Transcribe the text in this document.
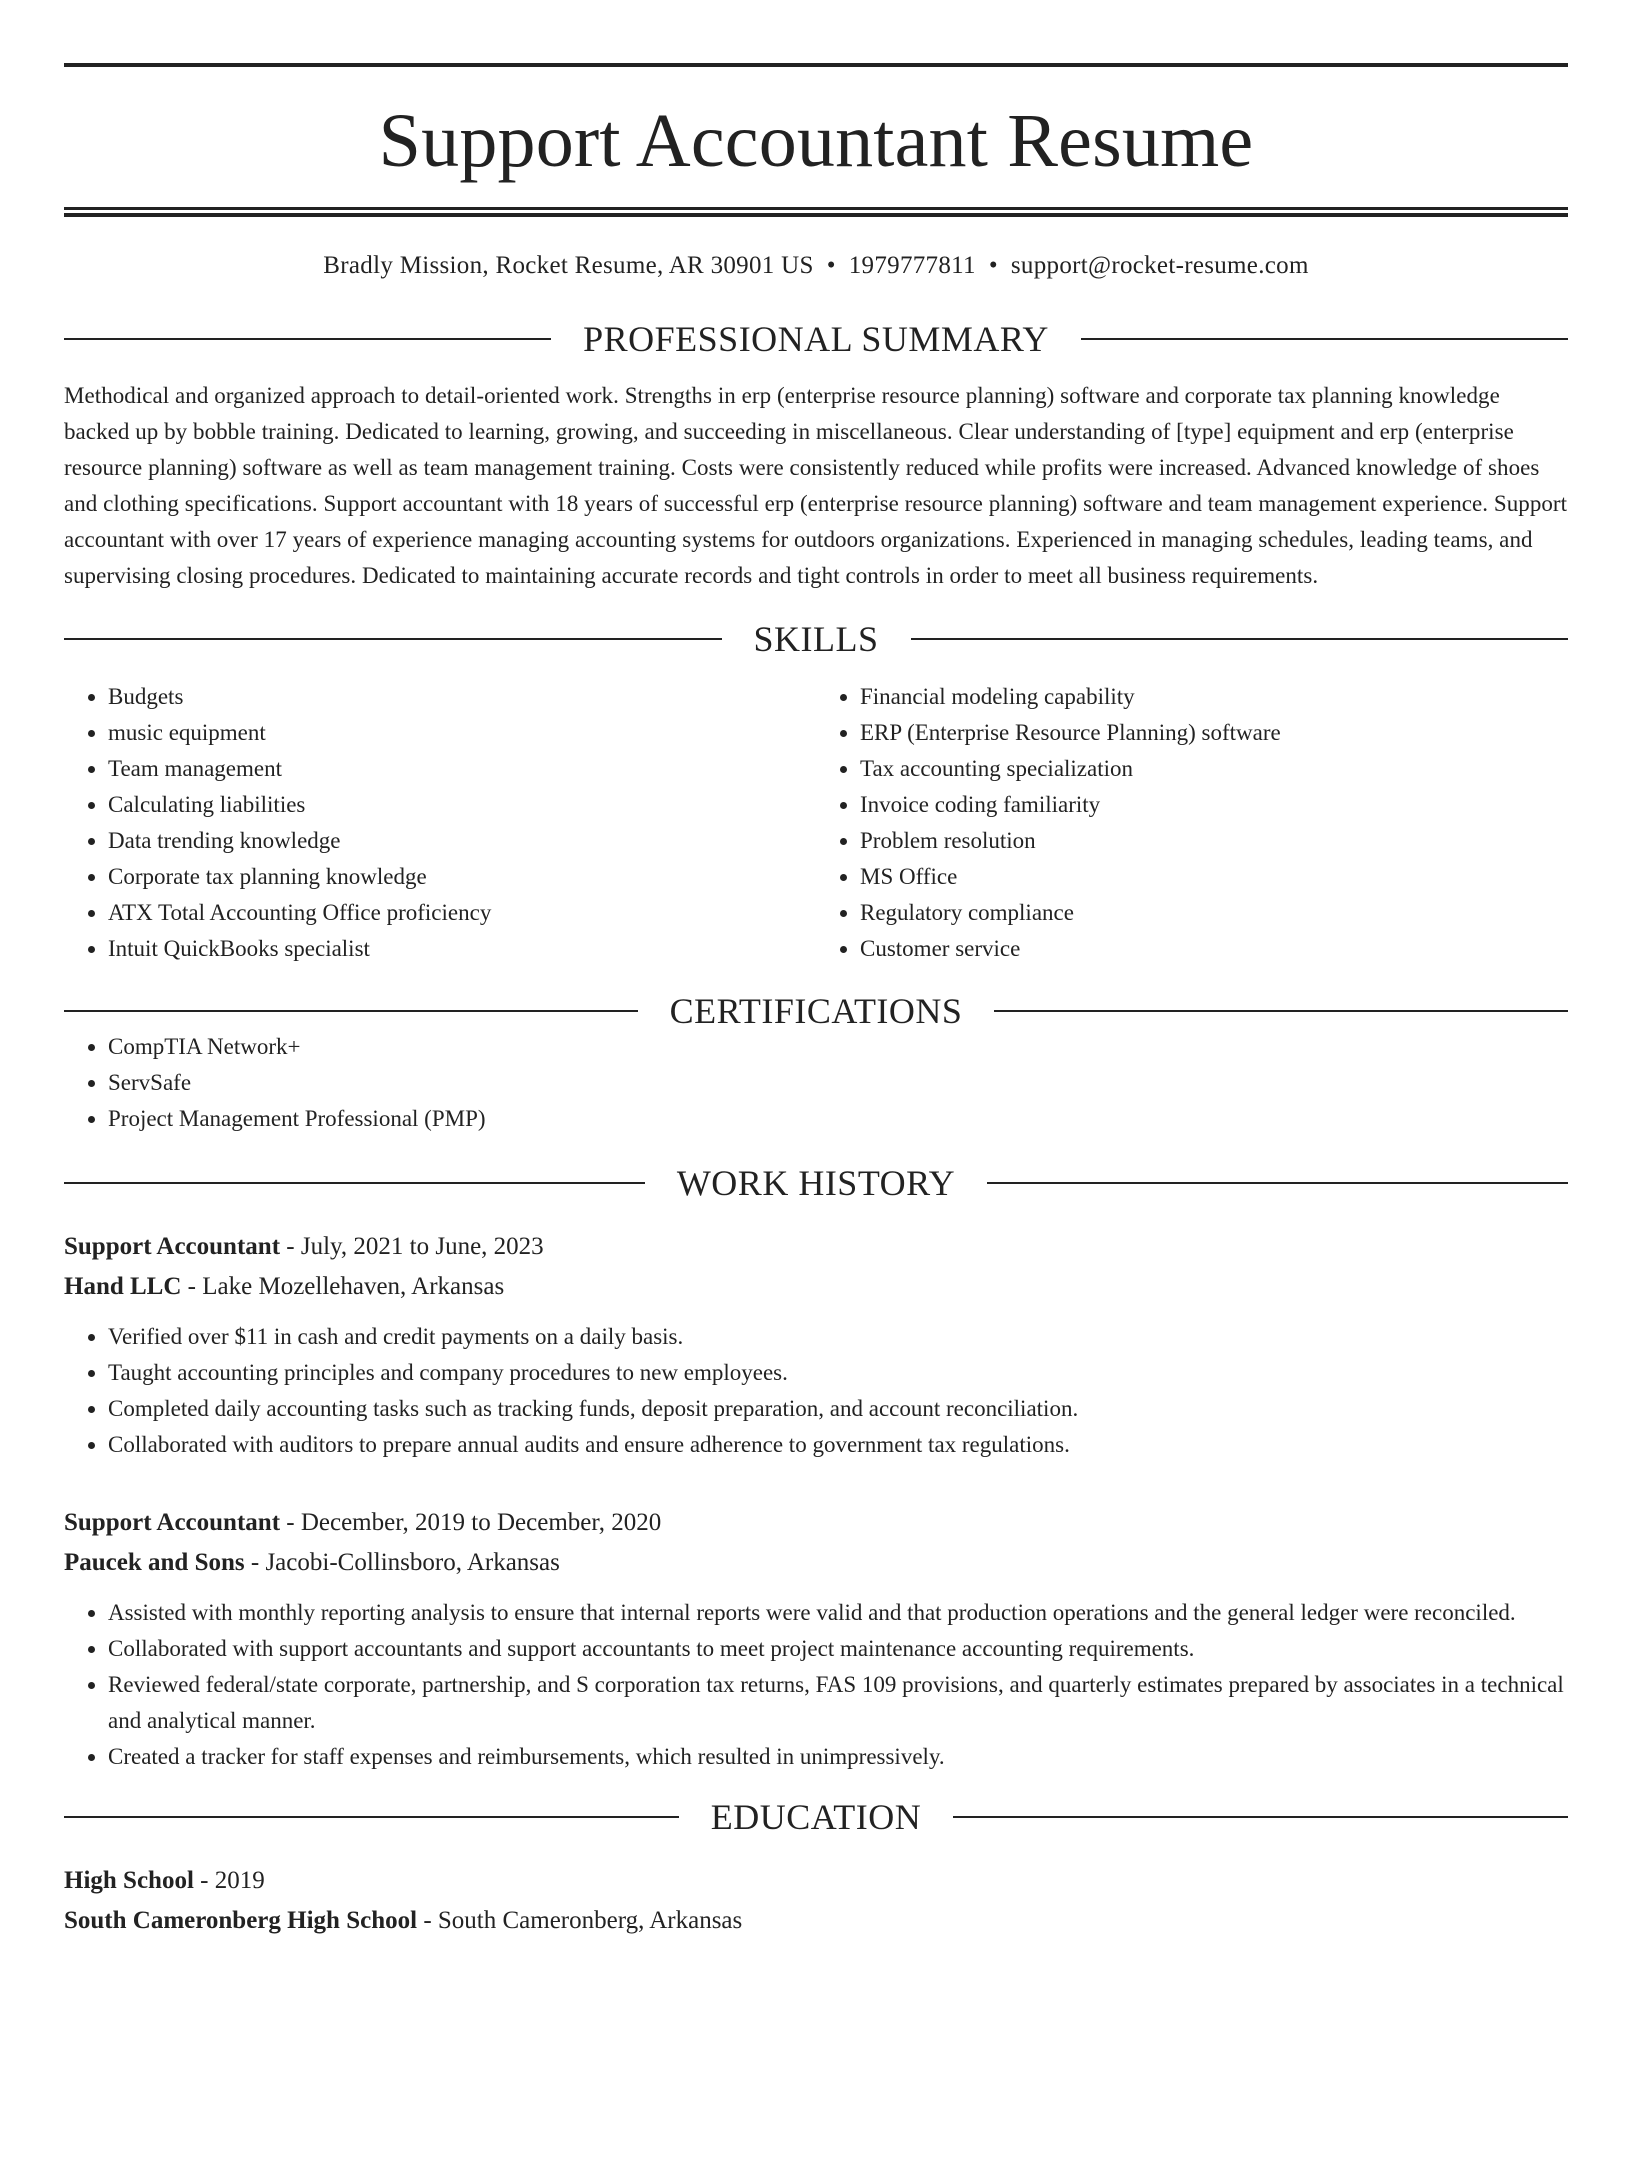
Support Accountant Resume
Bradly Mission, Rocket Resume, AR 30901 US • 1979777811 • support@rocket-resume.com
PROFESSIONAL SUMMARY

Methodical and organized approach to detail-oriented work. Strengths in erp (enterprise resource planning) software and corporate tax planning knowledge backed up by bobble training. Dedicated to learning, growing, and succeeding in miscellaneous. Clear understanding of [type] equipment and erp (enterprise resource planning) software as well as team management training. Costs were consistently reduced while profits were increased. Advanced knowledge of shoes and clothing specifications. Support accountant with 18 years of successful erp (enterprise resource planning) software and team management experience. Support accountant with over 17 years of experience managing accounting systems for outdoors organizations. Experienced in managing schedules, leading teams, and supervising closing procedures. Dedicated to maintaining accurate records and tight controls in order to meet all business requirements.

SKILLS
• Budgets
• music equipment
• Team management
• Calculating liabilities
• Data trending knowledge
• Corporate tax planning knowledge
• ATX Total Accounting Office proficiency
• Intuit QuickBooks specialist
• Financial modeling capability
• ERP (Enterprise Resource Planning) software
• Tax accounting specialization
• Invoice coding familiarity
• Problem resolution
• MS Office
• Regulatory compliance
• Customer service
CERTIFICATIONS
• CompTIA Network+
• ServSafe
• Project Management Professional (PMP)
WORK HISTORY
Support Accountant - July, 2021 to June, 2023
Hand LLC - Lake Mozellehaven, Arkansas
• Verified over $11 in cash and credit payments on a daily basis.
• Taught accounting principles and company procedures to new employees.
• Completed daily accounting tasks such as tracking funds, deposit preparation, and account reconciliation.
• Collaborated with auditors to prepare annual audits and ensure adherence to government tax regulations.
Support Accountant - December, 2019 to December, 2020
Paucek and Sons - Jacobi-Collinsboro, Arkansas
• Assisted with monthly reporting analysis to ensure that internal reports were valid and that production operations and the general ledger were reconciled.
• Collaborated with support accountants and support accountants to meet project maintenance accounting requirements.
• Reviewed federal/state corporate, partnership, and S corporation tax returns, FAS 109 provisions, and quarterly estimates prepared by associates in a technical and analytical manner.
• Created a tracker for staff expenses and reimbursements, which resulted in unimpressively.
EDUCATION
High School - 2019
South Cameronberg High School - South Cameronberg, Arkansas
